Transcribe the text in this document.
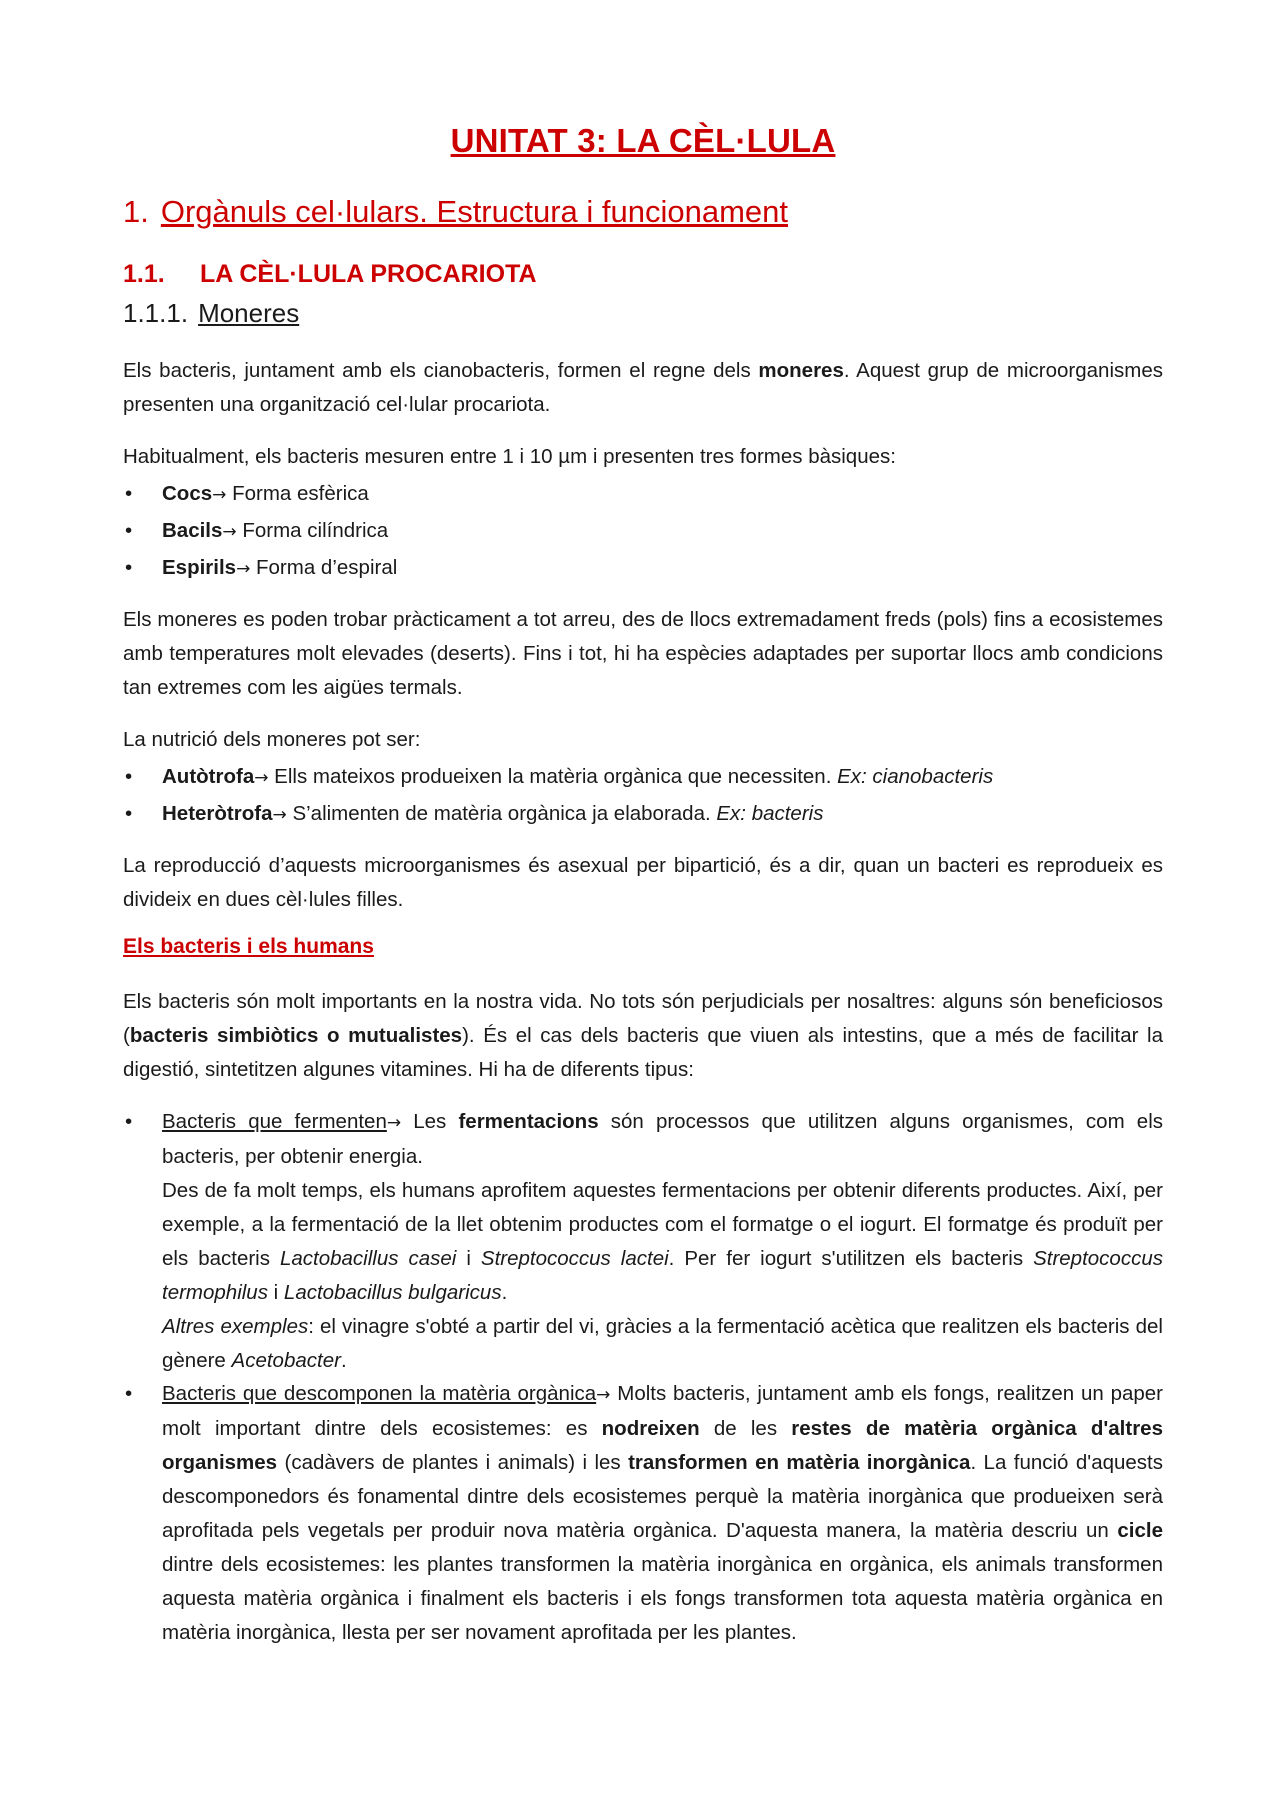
UNITAT 3: LA CÈL·LULA
1. Orgànuls cel·lulars. Estructura i funcionament
1.1. LA CÈL·LULA PROCARIOTA
1.1.1. Moneres
Els bacteris, juntament amb els cianobacteris, formen el regne dels moneres. Aquest grup de microorganismes presenten una organització cel·lular procariota.
Habitualment, els bacteris mesuren entre 1 i 10 µm i presenten tres formes bàsiques:
• Cocs→ Forma esfèrica
• Bacils→ Forma cilíndrica
• Espirils→ Forma d’espiral
Els moneres es poden trobar pràcticament a tot arreu, des de llocs extremadament freds (pols) fins a ecosistemes amb temperatures molt elevades (deserts). Fins i tot, hi ha espècies adaptades per suportar llocs amb condicions tan extremes com les aigües termals.
La nutrició dels moneres pot ser:
• Autòtrofa→ Ells mateixos produeixen la matèria orgànica que necessiten. Ex: cianobacteris
• Heteròtrofa→ S’alimenten de matèria orgànica ja elaborada. Ex: bacteris
La reproducció d’aquests microorganismes és asexual per bipartició, és a dir, quan un bacteri es reprodueix es divideix en dues cèl·lules filles.
Els bacteris i els humans
Els bacteris són molt importants en la nostra vida. No tots són perjudicials per nosaltres: alguns són beneficiosos (bacteris simbiòtics o mutualistes). És el cas dels bacteris que viuen als intestins, que a més de facilitar la digestió, sintetitzen algunes vitamines. Hi ha de diferents tipus:
• Bacteris que fermenten→ Les fermentacions són processos que utilitzen alguns organismes, com els bacteris, per obtenir energia.
Des de fa molt temps, els humans aprofitem aquestes fermentacions per obtenir diferents productes. Així, per exemple, a la fermentació de la llet obtenim productes com el formatge o el iogurt. El formatge és produït per els bacteris Lactobacillus casei i Streptococcus lactei. Per fer iogurt s'utilitzen els bacteris Streptococcus termophilus i Lactobacillus bulgaricus.
Altres exemples: el vinagre s'obté a partir del vi, gràcies a la fermentació acètica que realitzen els bacteris del gènere Acetobacter.
• Bacteris que descomponen la matèria orgànica→ Molts bacteris, juntament amb els fongs, realitzen un paper molt important dintre dels ecosistemes: es nodreixen de les restes de matèria orgànica d'altres organismes (cadàvers de plantes i animals) i les transformen en matèria inorgànica. La funció d'aquests descomponedors és fonamental dintre dels ecosistemes perquè la matèria inorgànica que produeixen serà aprofitada pels vegetals per produir nova matèria orgànica. D'aquesta manera, la matèria descriu un cicle dintre dels ecosistemes: les plantes transformen la matèria inorgànica en orgànica, els animals transformen aquesta matèria orgànica i finalment els bacteris i els fongs transformen tota aquesta matèria orgànica en matèria inorgànica, llesta per ser novament aprofitada per les plantes.
